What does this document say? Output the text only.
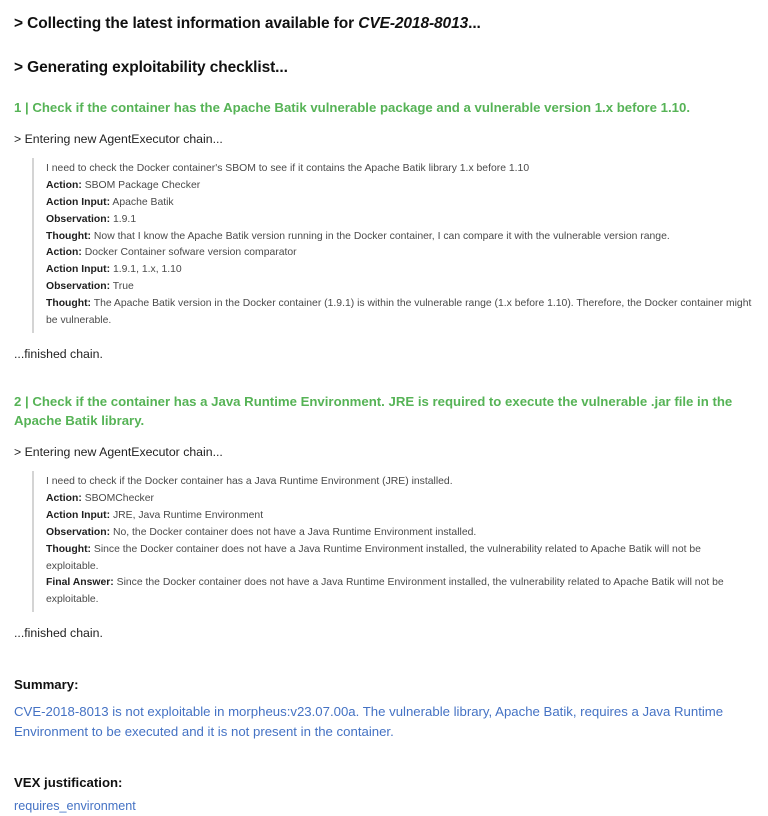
> Collecting the latest information available for CVE-2018-8013...

> Generating exploitability checklist...

1 | Check if the container has the Apache Batik vulnerable package and a vulnerable version 1.x before 1.10.

> Entering new AgentExecutor chain...

I need to check the Docker container's SBOM to see if it contains the Apache Batik library 1.x before 1.10

Action: SBOM Package Checker

Action Input: Apache Batik

Observation: 1.9.1

Thought: Now that I know the Apache Batik version running in the Docker container, I can compare it with the vulnerable version range.

Action: Docker Container sofware version comparator

Action Input: 1.9.1, 1.x, 1.10

Observation: True

Thought: The Apache Batik version in the Docker container (1.9.1) is within the vulnerable range (1.x before 1.10). Therefore, the Docker container might be vulnerable.

...finished chain.

2 | Check if the container has a Java Runtime Environment. JRE is required to execute the vulnerable .jar file in the Apache Batik library.

> Entering new AgentExecutor chain...

I need to check if the Docker container has a Java Runtime Environment (JRE) installed.

Action: SBOMChecker

Action Input: JRE, Java Runtime Environment

Observation: No, the Docker container does not have a Java Runtime Environment installed.

Thought: Since the Docker container does not have a Java Runtime Environment installed, the vulnerability related to Apache Batik will not be exploitable.

Final Answer: Since the Docker container does not have a Java Runtime Environment installed, the vulnerability related to Apache Batik will not be exploitable.

...finished chain.

Summary:

CVE-2018-8013 is not exploitable in morpheus:v23.07.00a. The vulnerable library, Apache Batik, requires a Java Runtime Environment to be executed and it is not present in the container.

VEX justification:

requires_environment
